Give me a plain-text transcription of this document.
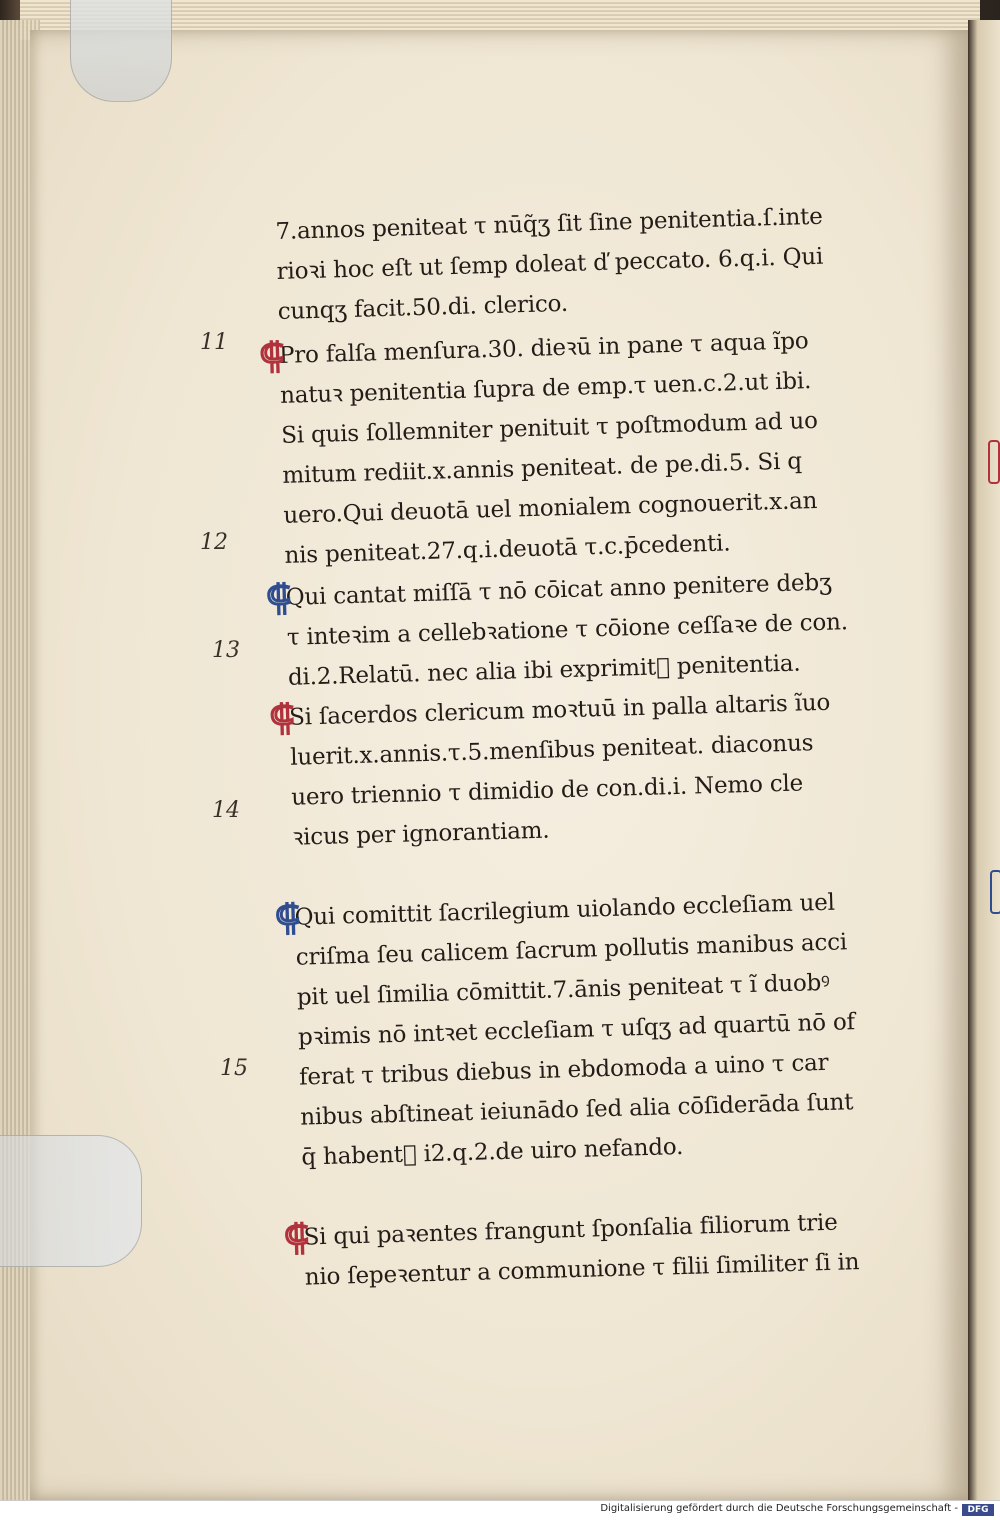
11
12
13
14
15
7.annos peniteat τ nūq̃ʒ ſit ſine penitentia.ſ.inte
rioꝛi hoc eſt ut ſemp doleat ď peccato. 6.q.i. Qui
cunqʒ facit.50.di. clerico.
⸿
Pro falſa menſura.30. dieꝛū in pane τ aqua ĩpo
natuꝛ penitentia ſupra de emp.τ uen.c.2.ut ibi.
Si quis ſollemniter penituit τ poſtmodum ad uo
mitum rediit.x.annis peniteat. de pe.di.5. Si q
uero.Qui deuotā uel monialem cognouerit.x.an
nis peniteat.27.q.i.deuotā τ.c.p̄cedenti.
⸿
Qui cantat miſſā τ nō cōicat anno penitere debʒ
τ inteꝛim a cellebꝛatione τ cōione ceſſaꝛe de con.
di.2.Relatū. nec alia ibi exprimit᷑ penitentia.
⸿
Si ſacerdos clericum moꝛtuū in palla altaris ĩuo
luerit.x.annis.τ.5.menſibus peniteat. diaconus
uero triennio τ dimidio de con.di.i. Nemo cle
ꝛicus per ignorantiam.
⸿
Qui comittit ſacrilegium uiolando eccleſiam uel
criſma ſeu calicem ſacrum pollutis manibus acci
pit uel ſimilia cōmittit.7.ānis peniteat τ ĩ duobꝰ
pꝛimis nō intꝛet eccleſiam τ uſqʒ ad quartū nō of
ferat τ tribus diebus in ebdomoda a uino τ car
nibus abſtineat ieiunādo ſed alia cōſiderāda ſunt
q̄ habent᷑ i2.q.2.de uiro nefando.
⸿
Si qui paꝛentes frangunt ſponſalia filiorum trie
nio ſepeꝛentur a communione τ filii ſimiliter ſi in
Digitalisierung gefördert durch die Deutsche Forschungsgemeinschaft -	DFG
